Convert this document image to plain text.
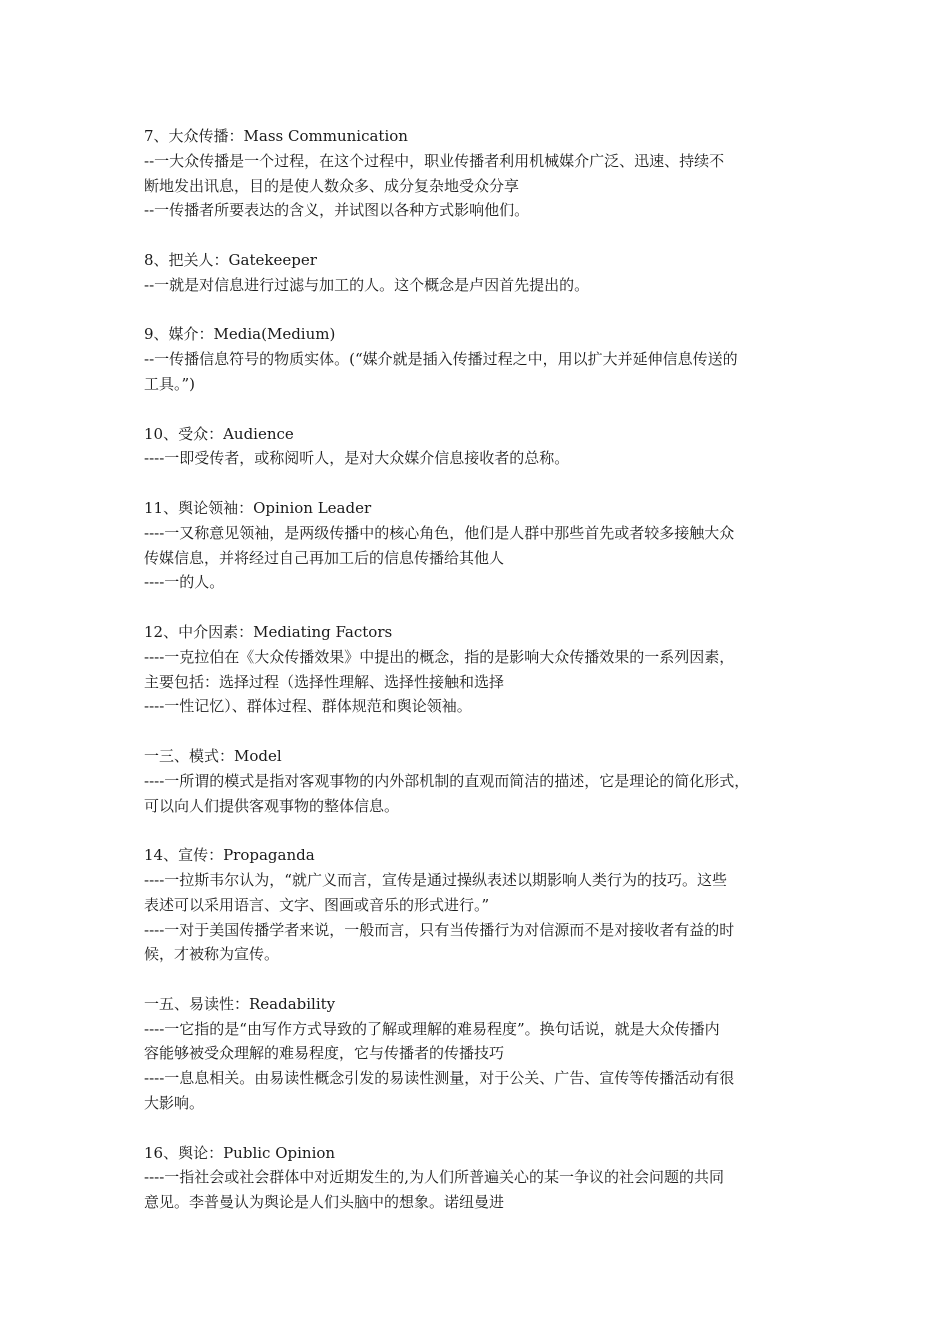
7、大众传播：Mass Communication
--一大众传播是一个过程，在这个过程中，职业传播者利用机械媒介广泛、迅速、持续不
断地发出讯息，目的是使人数众多、成分复杂地受众分享
--一传播者所要表达的含义，并试图以各种方式影响他们。
8、把关人：Gatekeeper
--一就是对信息进行过滤与加工的人。这个概念是卢因首先提出的。
9、媒介：Media(Medium)
--一传播信息符号的物质实体。(“媒介就是插入传播过程之中，用以扩大并延伸信息传送的
工具。”)
10、受众：Audience
----一即受传者，或称阅听人，是对大众媒介信息接收者的总称。
11、舆论领袖：Opinion Leader
----一又称意见领袖，是两级传播中的核心角色，他们是人群中那些首先或者较多接触大众
传媒信息，并将经过自己再加工后的信息传播给其他人
----一的人。
12、中介因素：Mediating Factors
----一克拉伯在《大众传播效果》中提出的概念，指的是影响大众传播效果的一系列因素，
主要包括：选择过程（选择性理解、选择性接触和选择
----一性记忆）、群体过程、群体规范和舆论领袖。
一三、模式：Model
----一所谓的模式是指对客观事物的内外部机制的直观而简洁的描述，它是理论的简化形式，
可以向人们提供客观事物的整体信息。
14、宣传：Propaganda
----一拉斯韦尔认为，“就广义而言，宣传是通过操纵表述以期影响人类行为的技巧。这些
表述可以采用语言、文字、图画或音乐的形式进行。”
----一对于美国传播学者来说，一般而言，只有当传播行为对信源而不是对接收者有益的时
候，才被称为宣传。
一五、易读性：Readability
----一它指的是“由写作方式导致的了解或理解的难易程度”。换句话说，就是大众传播内
容能够被受众理解的难易程度，它与传播者的传播技巧
----一息息相关。由易读性概念引发的易读性测量，对于公关、广告、宣传等传播活动有很
大影响。
16、舆论：Public Opinion
----一指社会或社会群体中对近期发生的,为人们所普遍关心的某一争议的社会问题的共同
意见。李普曼认为舆论是人们头脑中的想象。诺纽曼进
